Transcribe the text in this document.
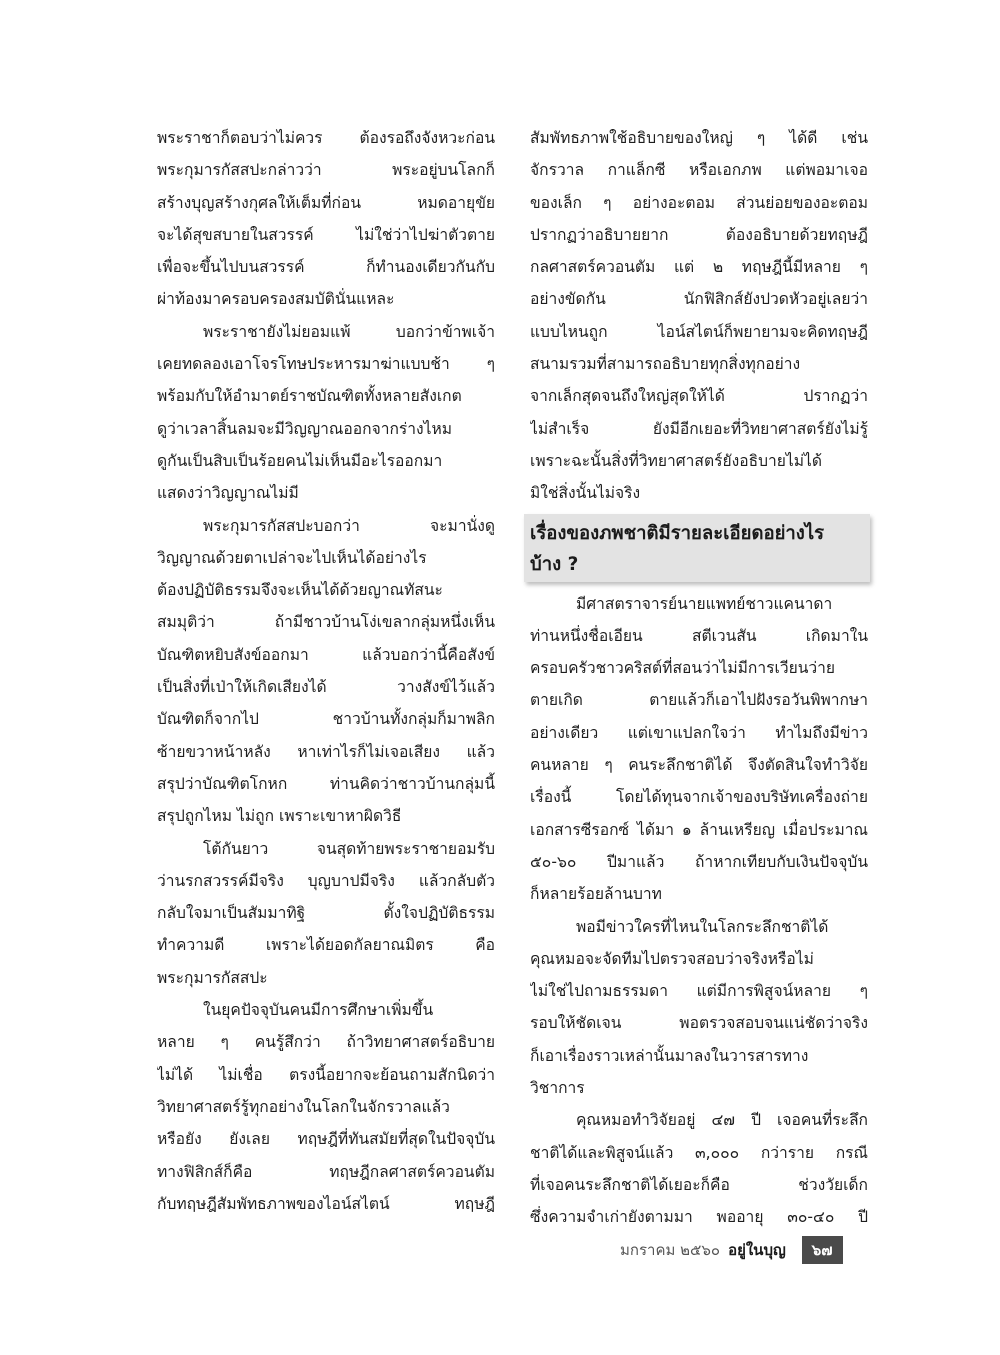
พระราชาก็ตอบว่าไม่ควร ต้องรอถึงจังหวะก่อน
พระกุมารกัสสปะกล่าวว่า พระอยู่บนโลกก็
สร้างบุญสร้างกุศลให้เต็มที่ก่อน หมดอายุขัย
จะได้สุขสบายในสวรรค์ ไม่ใช่ว่าไปฆ่าตัวตาย
เพื่อจะขึ้นไปบนสวรรค์ ก็ทำนองเดียวกันกับ
ผ่าท้องมาครอบครองสมบัตินั่นแหละ
พระราชายังไม่ยอมแพ้ บอกว่าข้าพเจ้า
เคยทดลองเอาโจรโทษประหารมาฆ่าแบบช้า ๆ
พร้อมกับให้อำมาตย์ราชบัณฑิตทั้งหลายสังเกต
ดูว่าเวลาสิ้นลมจะมีวิญญาณออกจากร่างไหม
ดูกันเป็นสิบเป็นร้อยคนไม่เห็นมีอะไรออกมา
แสดงว่าวิญญาณไม่มี
พระกุมารกัสสปะบอกว่า จะมานั่งดู
วิญญาณด้วยตาเปล่าจะไปเห็นได้อย่างไร
ต้องปฏิบัติธรรมจึงจะเห็นได้ด้วยญาณทัสนะ
สมมุติว่า ถ้ามีชาวบ้านโง่เขลากลุ่มหนึ่งเห็น
บัณฑิตหยิบสังข์ออกมา แล้วบอกว่านี้คือสังข์
เป็นสิ่งที่เป่าให้เกิดเสียงได้ วางสังข์ไว้แล้ว
บัณฑิตก็จากไป ชาวบ้านทั้งกลุ่มก็มาพลิก
ซ้ายขวาหน้าหลัง หาเท่าไรก็ไม่เจอเสียง แล้ว
สรุปว่าบัณฑิตโกหก ท่านคิดว่าชาวบ้านกลุ่มนี้
สรุปถูกไหม ไม่ถูก เพราะเขาหาผิดวิธี
โต้กันยาว จนสุดท้ายพระราชายอมรับ
ว่านรกสวรรค์มีจริง บุญบาปมีจริง แล้วกลับตัว
กลับใจมาเป็นสัมมาทิฐิ ตั้งใจปฏิบัติธรรม
ทำความดี เพราะได้ยอดกัลยาณมิตร คือ
พระกุมารกัสสปะ
ในยุคปัจจุบันคนมีการศึกษาเพิ่มขึ้น
หลาย ๆ คนรู้สึกว่า ถ้าวิทยาศาสตร์อธิบาย
ไม่ได้ ไม่เชื่อ ตรงนี้อยากจะย้อนถามสักนิดว่า
วิทยาศาสตร์รู้ทุกอย่างในโลกในจักรวาลแล้ว
หรือยัง ยังเลย ทฤษฎีที่ทันสมัยที่สุดในปัจจุบัน
ทางฟิสิกส์ก็คือ ทฤษฎีกลศาสตร์ควอนตัม
กับทฤษฎีสัมพัทธภาพของไอน์สไตน์ ทฤษฎี
สัมพัทธภาพใช้อธิบายของใหญ่ ๆ ได้ดี เช่น
จักรวาล กาแล็กซี หรือเอกภพ แต่พอมาเจอ
ของเล็ก ๆ อย่างอะตอม ส่วนย่อยของอะตอม
ปรากฏว่าอธิบายยาก ต้องอธิบายด้วยทฤษฎี
กลศาสตร์ควอนตัม แต่ ๒ ทฤษฎีนี้มีหลาย ๆ
อย่างขัดกัน นักฟิสิกส์ยังปวดหัวอยู่เลยว่า
แบบไหนถูก ไอน์สไตน์ก็พยายามจะคิดทฤษฎี
สนามรวมที่สามารถอธิบายทุกสิ่งทุกอย่าง
จากเล็กสุดจนถึงใหญ่สุดให้ได้ ปรากฏว่า
ไม่สำเร็จ ยังมีอีกเยอะที่วิทยาศาสตร์ยังไม่รู้
เพราะฉะนั้นสิ่งที่วิทยาศาสตร์ยังอธิบายไม่ได้
มิใช่สิ่งนั้นไม่จริง
เรื่องของภพชาติมีรายละเอียดอย่างไร
บ้าง ?
มีศาสตราจารย์นายแพทย์ชาวแคนาดา
ท่านหนึ่งชื่อเอียน สตีเวนสัน เกิดมาใน
ครอบครัวชาวคริสต์ที่สอนว่าไม่มีการเวียนว่าย
ตายเกิด ตายแล้วก็เอาไปฝังรอวันพิพากษา
อย่างเดียว แต่เขาแปลกใจว่า ทำไมถึงมีข่าว
คนหลาย ๆ คนระลึกชาติได้ จึงตัดสินใจทำวิจัย
เรื่องนี้ โดยได้ทุนจากเจ้าของบริษัทเครื่องถ่าย
เอกสารซีรอกซ์ ได้มา ๑ ล้านเหรียญ เมื่อประมาณ
๕๐-๖๐ ปีมาแล้ว ถ้าหากเทียบกับเงินปัจจุบัน
ก็หลายร้อยล้านบาท
พอมีข่าวใครที่ไหนในโลกระลึกชาติได้
คุณหมอจะจัดทีมไปตรวจสอบว่าจริงหรือไม่
ไม่ใช่ไปถามธรรมดา แต่มีการพิสูจน์หลาย ๆ
รอบให้ชัดเจน พอตรวจสอบจนแน่ชัดว่าจริง
ก็เอาเรื่องราวเหล่านั้นมาลงในวารสารทาง
วิชาการ
คุณหมอทำวิจัยอยู่ ๔๗ ปี เจอคนที่ระลึก
ชาติได้และพิสูจน์แล้ว ๓,๐๐๐ กว่าราย กรณี
ที่เจอคนระลึกชาติได้เยอะก็คือ ช่วงวัยเด็ก
ซึ่งความจำเก่ายังตามมา พออายุ ๓๐-๔๐ ปี
มกราคม ๒๕๖๐ อยู่ในบุญ	๖๗
